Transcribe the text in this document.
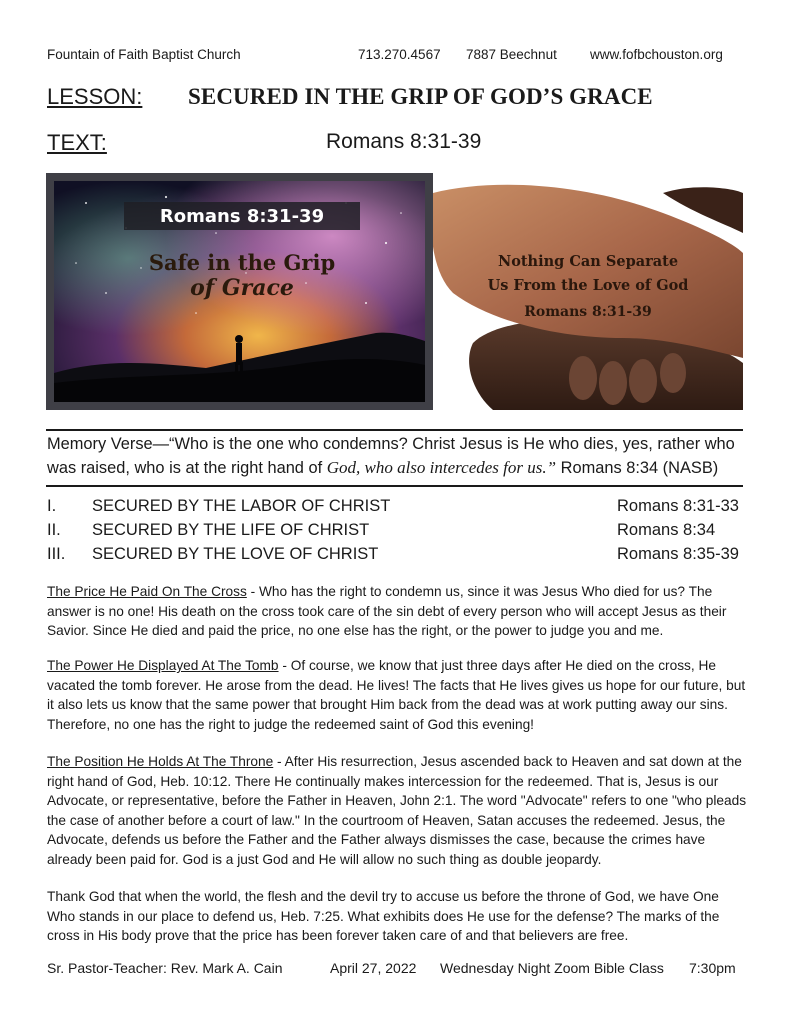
Fountain of Faith Baptist Church	713.270.4567 7887 Beechnut www.fofbchouston.org
LESSON: SECURED IN THE GRIP OF GOD’S GRACE
TEXT:	Romans 8:31-39
Romans 8:31-39
Safe in the Grip
of Grace
Nothing Can Separate
Us From the Love of God
Romans 8:31-39
Memory Verse—“Who is the one who condemns? Christ Jesus is He who dies, yes, rather who was raised, who is at the right hand of God, who also intercedes for us.” Romans 8:34 (NASB)
I. SECURED BY THE LABOR OF CHRIST	Romans 8:31-33
II. SECURED BY THE LIFE OF CHRIST	Romans 8:34
III. SECURED BY THE LOVE OF CHRIST	Romans 8:35-39
The Price He Paid On The Cross - Who has the right to condemn us, since it was Jesus Who died for us? The answer is no one! His death on the cross took care of the sin debt of every person who will accept Jesus as their Savior. Since He died and paid the price, no one else has the right, or the power to judge you and me.
The Power He Displayed At The Tomb - Of course, we know that just three days after He died on the cross, He vacated the tomb forever. He arose from the dead. He lives! The facts that He lives gives us hope for our future, but it also lets us know that the same power that brought Him back from the dead was at work putting away our sins. Therefore, no one has the right to judge the redeemed saint of God this evening!
The Position He Holds At The Throne - After His resurrection, Jesus ascended back to Heaven and sat down at the right hand of God, Heb. 10:12. There He continually makes intercession for the redeemed. That is, Jesus is our Advocate, or representative, before the Father in Heaven, John 2:1. The word "Advocate" refers to one "who pleads the case of another before a court of law." In the courtroom of Heaven, Satan accuses the redeemed. Jesus, the Advocate, defends us before the Father and the Father always dismisses the case, because the crimes have already been paid for. God is a just God and He will allow no such thing as double jeopardy.
Thank God that when the world, the flesh and the devil try to accuse us before the throne of God, we have One Who stands in our place to defend us, Heb. 7:25. What exhibits does He use for the defense? The marks of the cross in His body prove that the price has been forever taken care of and that believers are free.
Sr. Pastor-Teacher: Rev. Mark A. Cain	April 27, 2022 Wednesday Night Zoom Bible Class 7:30pm
